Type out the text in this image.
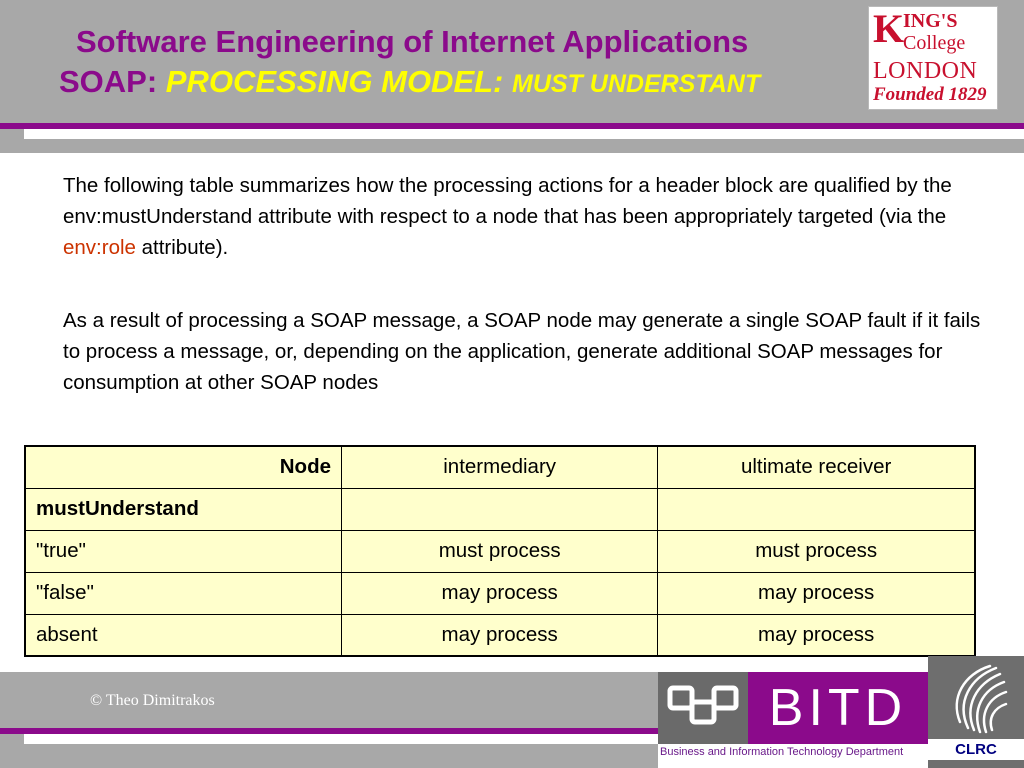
Software Engineering of Internet Applications
SOAP: PROCESSING MODEL: MUST UNDERSTANT
K
ING'S
College
LONDON
Founded 1829

The following table summarizes how the processing actions for a header block are qualified by the env:mustUnderstand attribute with respect to a node that has been appropriately targeted (via the env:role attribute).

As a result of processing a SOAP message, a SOAP node may generate a single SOAP fault if it fails to process a message, or, depending on the application, generate additional SOAP messages for consumption at other SOAP nodes

Node	intermediary	ultimate receiver
mustUnderstand		
"true"	must process	must process
"false"	may process	may process
absent	may process	may process
© Theo Dimitrakos	BITD
Business and Information Technology Department	CLRC
